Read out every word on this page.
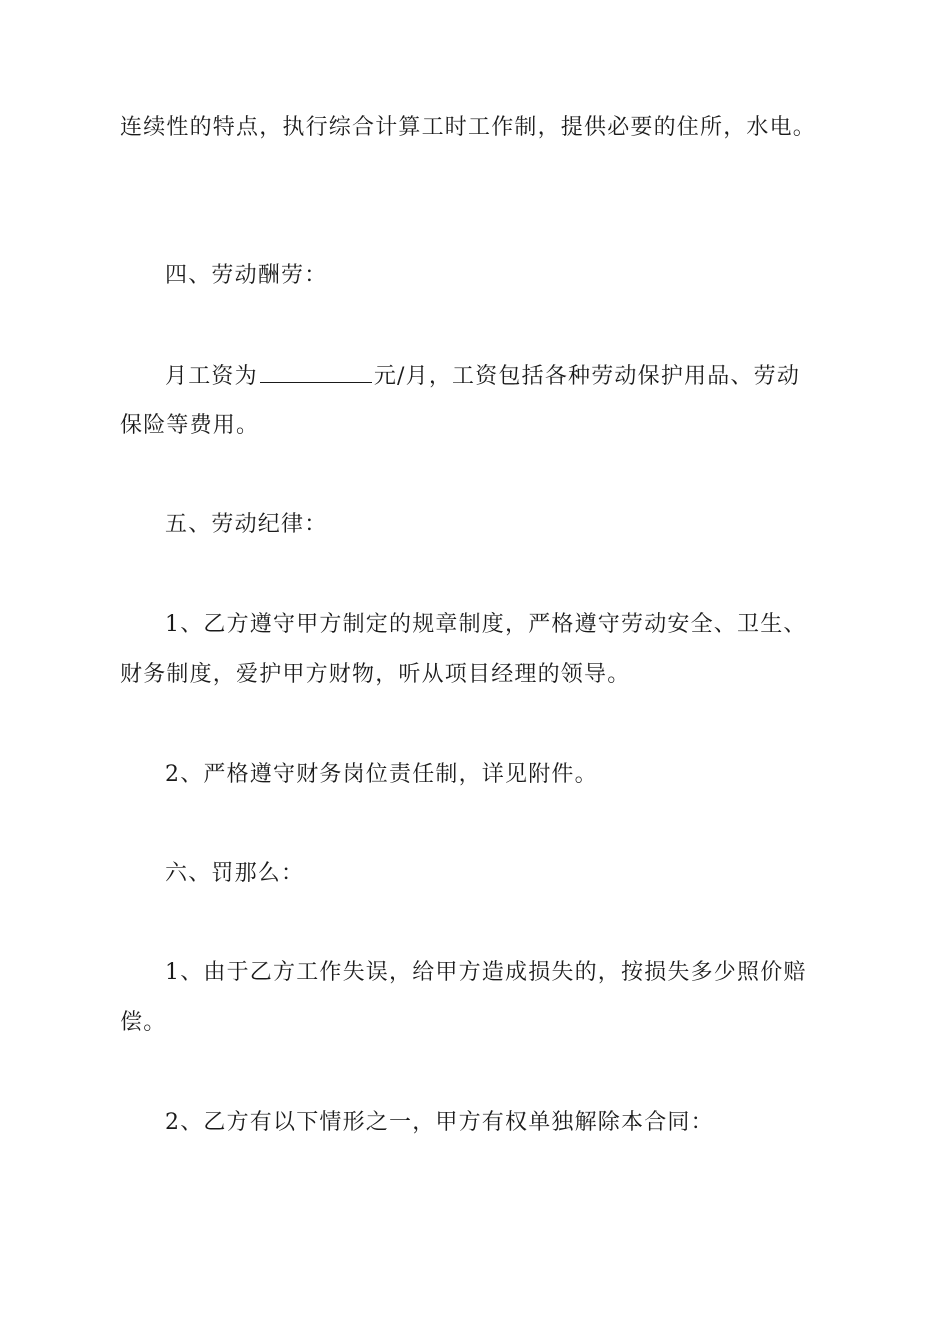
连续性的特点，执行综合计算工时工作制，提供必要的住所，水电。
四、劳动酬劳：
月工资为	元/月，工资包括各种劳动保护用品、劳动
保险等费用。
五、劳动纪律：
1、乙方遵守甲方制定的规章制度，严格遵守劳动安全、卫生、
财务制度，爱护甲方财物，听从项目经理的领导。
2、严格遵守财务岗位责任制，详见附件。
六、罚那么：
1、由于乙方工作失误，给甲方造成损失的，按损失多少照价赔
偿。
2、乙方有以下情形之一，甲方有权单独解除本合同：
